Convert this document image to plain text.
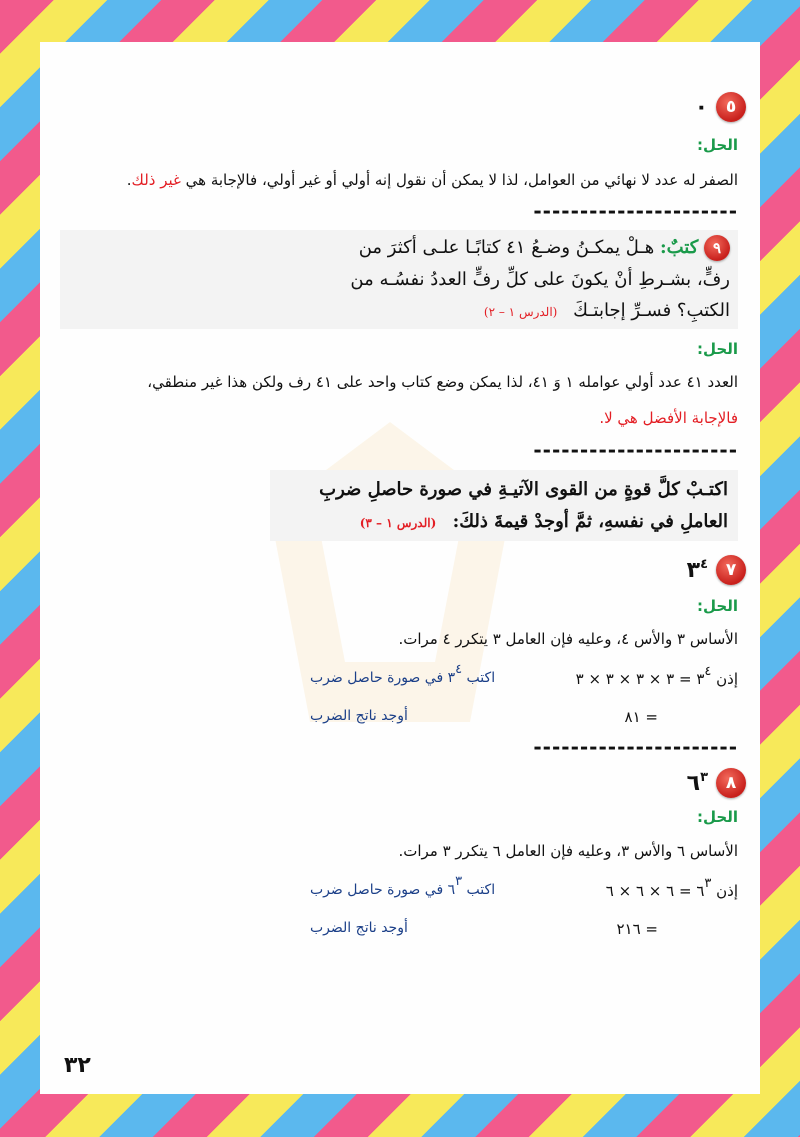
٥
٠
الحل:
الصفر له عدد لا نهائي من العوامل، لذا لا يمكن أن نقول إنه أولي أو غير أولي، فالإجابة هي غير ذلك.
----------------------
٩ كتبٌ: هـلْ يمكـنُ وضـعُ ٤١ كتابًـا علـى أكثرَ من
رفٍّ، بشـرطِ أنْ يكونَ على كلِّ رفٍّ العددُ نفسُـه من
الكتبِ؟ فسـرِّ إجابتـكَ (الدرس ١ – ٢)
الحل:
العدد ٤١ عدد أولي عوامله ١ وَ ٤١، لذا يمكن وضع كتاب واحد على ٤١ رف ولكن هذا غير منطقي،
فالإجابة الأفضل هي لا.
----------------------
اكتـبْ كلَّ قوةٍ من القوى الآتيـةِ في صورة حاصلِ ضربِ
العاملِ في نفسهِ، ثمَّ أوجدْ قيمةَ ذلكَ: (الدرس ١ – ٣)
٧
$٣^٤$
الحل:
الأساس ٣ والأس ٤، وعليه فإن العامل ٣ يتكرر ٤ مرات.
إذن ٣٤ = ٣ × ٣ × ٣ × ٣
اكتب ٣٤ في صورة حاصل ضرب
= ٨١
أوجد ناتج الضرب
----------------------
٨
$٦^٣$
الحل:
الأساس ٦ والأس ٣، وعليه فإن العامل ٦ يتكرر ٣ مرات.
إذن ٦٣ = ٦ × ٦ × ٦
اكتب ٦٣ في صورة حاصل ضرب
= ٢١٦
أوجد ناتج الضرب
٣٢
